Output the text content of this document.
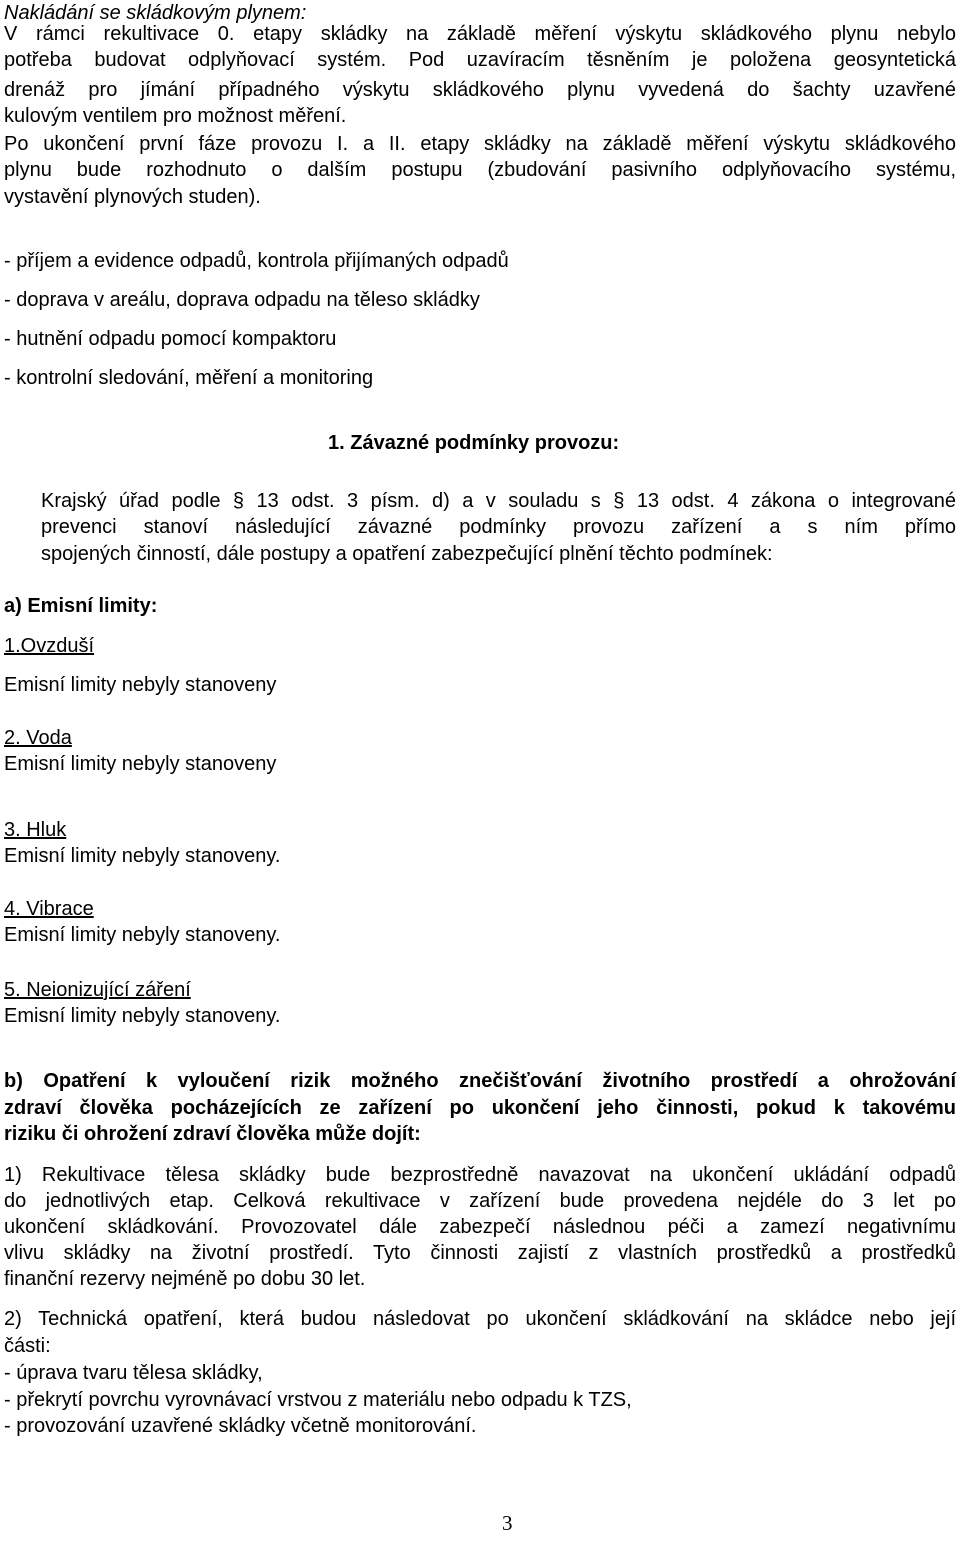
Nakládání se skládkovým plynem:
V rámci rekultivace 0. etapy skládky na základě měření výskytu skládkového plynu nebylo
potřeba budovat odplyňovací systém. Pod uzavíracím těsněním je položena geosyntetická
drenáž pro jímání případného výskytu skládkového plynu vyvedená do šachty uzavřené
kulovým ventilem pro možnost měření.
Po ukončení první fáze provozu I. a II. etapy skládky na základě měření výskytu skládkového
plynu bude rozhodnuto o dalším postupu (zbudování pasivního odplyňovacího systému,
vystavění plynových studen).
- příjem a evidence odpadů, kontrola přijímaných odpadů
- doprava v areálu, doprava odpadu na těleso skládky
- hutnění odpadu pomocí kompaktoru
- kontrolní sledování, měření a monitoring
1. Závazné podmínky provozu:
Krajský úřad podle § 13 odst. 3 písm. d) a v souladu s § 13 odst. 4 zákona o integrované
prevenci stanoví následující závazné podmínky provozu zařízení a s ním přímo
spojených činností, dále postupy a opatření zabezpečující plnění těchto podmínek:
a) Emisní limity:
1.Ovzduší
Emisní limity nebyly stanoveny
2. Voda
Emisní limity nebyly stanoveny
3. Hluk
Emisní limity nebyly stanoveny.
4. Vibrace
Emisní limity nebyly stanoveny.
5. Neionizující záření
Emisní limity nebyly stanoveny.
b) Opatření k vyloučení rizik možného znečišťování životního prostředí a ohrožování
zdraví člověka pocházejících ze zařízení po ukončení jeho činnosti, pokud k takovému
riziku či ohrožení zdraví člověka může dojít:
1) Rekultivace tělesa skládky bude bezprostředně navazovat na ukončení ukládání odpadů
do jednotlivých etap. Celková rekultivace v zařízení bude provedena nejdéle do 3 let po
ukončení skládkování. Provozovatel dále zabezpečí následnou péči a zamezí negativnímu
vlivu skládky na životní prostředí. Tyto činnosti zajistí z vlastních prostředků a prostředků
finanční rezervy nejméně po dobu 30 let.
2) Technická opatření, která budou následovat po ukončení skládkování na skládce nebo její
části:
- úprava tvaru tělesa skládky,
- překrytí povrchu vyrovnávací vrstvou z materiálu nebo odpadu k TZS,
- provozování uzavřené skládky včetně monitorování.
3
